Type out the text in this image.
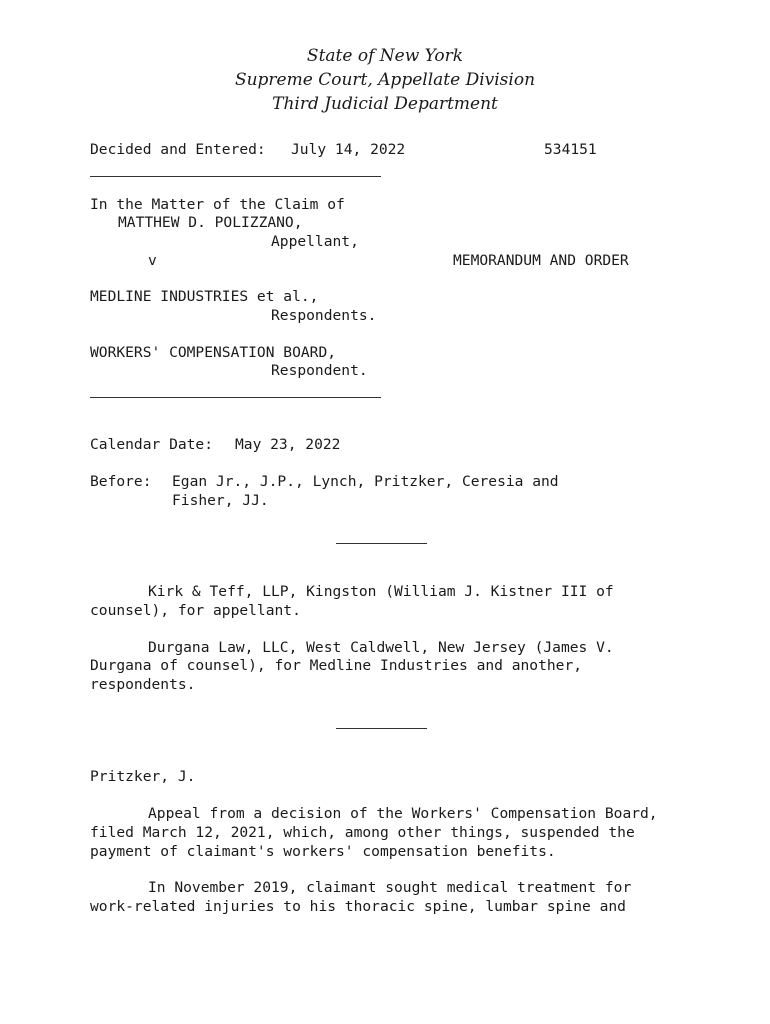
State of New York
Supreme Court, Appellate Division
Third Judicial Department
Decided and Entered: July 14, 2022	534151
In the Matter of the Claim of
MATTHEW D. POLIZZANO,
Appellant,
v	MEMORANDUM AND ORDER
MEDLINE INDUSTRIES et al.,
Respondents.
WORKERS' COMPENSATION BOARD,
Respondent.
Calendar Date: May 23, 2022
Before: Egan Jr., J.P., Lynch, Pritzker, Ceresia and
Fisher, JJ.
Kirk & Teff, LLP, Kingston (William J. Kistner III of
counsel), for appellant.
Durgana Law, LLC, West Caldwell, New Jersey (James V.
Durgana of counsel), for Medline Industries and another,
respondents.
Pritzker, J.
Appeal from a decision of the Workers' Compensation Board,
filed March 12, 2021, which, among other things, suspended the
payment of claimant's workers' compensation benefits.
In November 2019, claimant sought medical treatment for
work-related injuries to his thoracic spine, lumbar spine and
